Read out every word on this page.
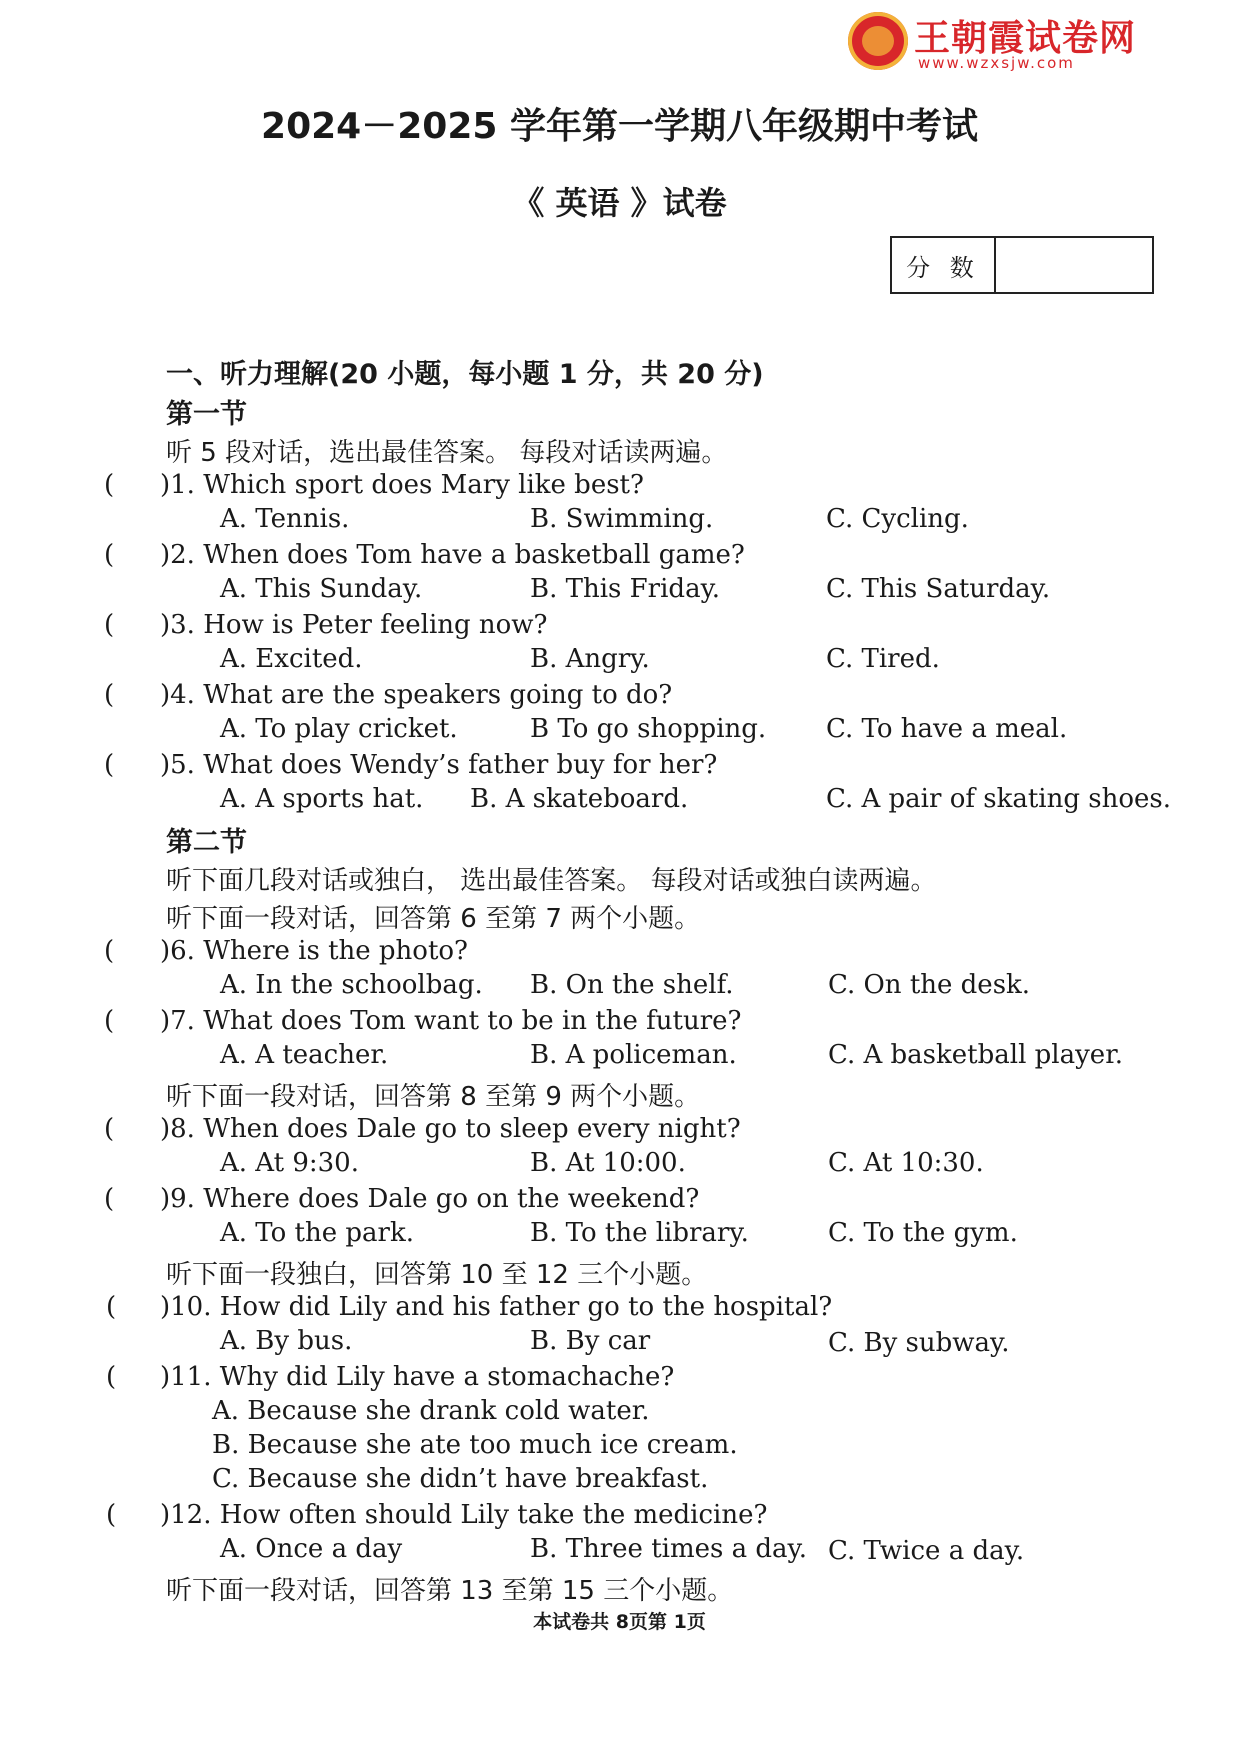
王朝霞试卷网
www.wzxsjw.com
2024－2025 学年第一学期八年级期中考试
《 英语 》试卷
分 数
一、听力理解(20 小题，每小题 1 分，共 20 分)
第一节
听 5 段对话，选出最佳答案。 每段对话读两遍。
( )1. Which sport does Mary like best?
A. Tennis.	B. Swimming.	C. Cycling.
( )2. When does Tom have a basketball game?
A. This Sunday.	B. This Friday.	C. This Saturday.
( )3. How is Peter feeling now?
A. Excited.	B. Angry.	C. Tired.
( )4. What are the speakers going to do?
A. To play cricket.	B To go shopping. C. To have a meal.
( )5. What does Wendy’s father buy for her?
A. A sports hat. B. A skateboard.	C. A pair of skating shoes.
第二节
听下面几段对话或独白， 选出最佳答案。 每段对话或独白读两遍。
听下面一段对话，回答第 6 至第 7 两个小题。
( )6. Where is the photo?
A. In the schoolbag. B. On the shelf.	C. On the desk.
( )7. What does Tom want to be in the future?
A. A teacher.	B. A policeman.	C. A basketball player.
听下面一段对话，回答第 8 至第 9 两个小题。
( )8. When does Dale go to sleep every night?
A. At 9:30.	B. At 10:00.	C. At 10:30.
( )9. Where does Dale go on the weekend?
A. To the park.	B. To the library.	C. To the gym.
听下面一段独白，回答第 10 至 12 三个小题。
( )10. How did Lily and his father go to the hospital?
A. By bus.	B. By car	C. By subway.
( )11. Why did Lily have a stomachache?
A. Because she drank cold water.
B. Because she ate too much ice cream.
C. Because she didn’t have breakfast.
( )12. How often should Lily take the medicine?
A. Once a day	B. Three times a day. C. Twice a day.
听下面一段对话，回答第 13 至第 15 三个小题。
本试卷共 8页第 1页
